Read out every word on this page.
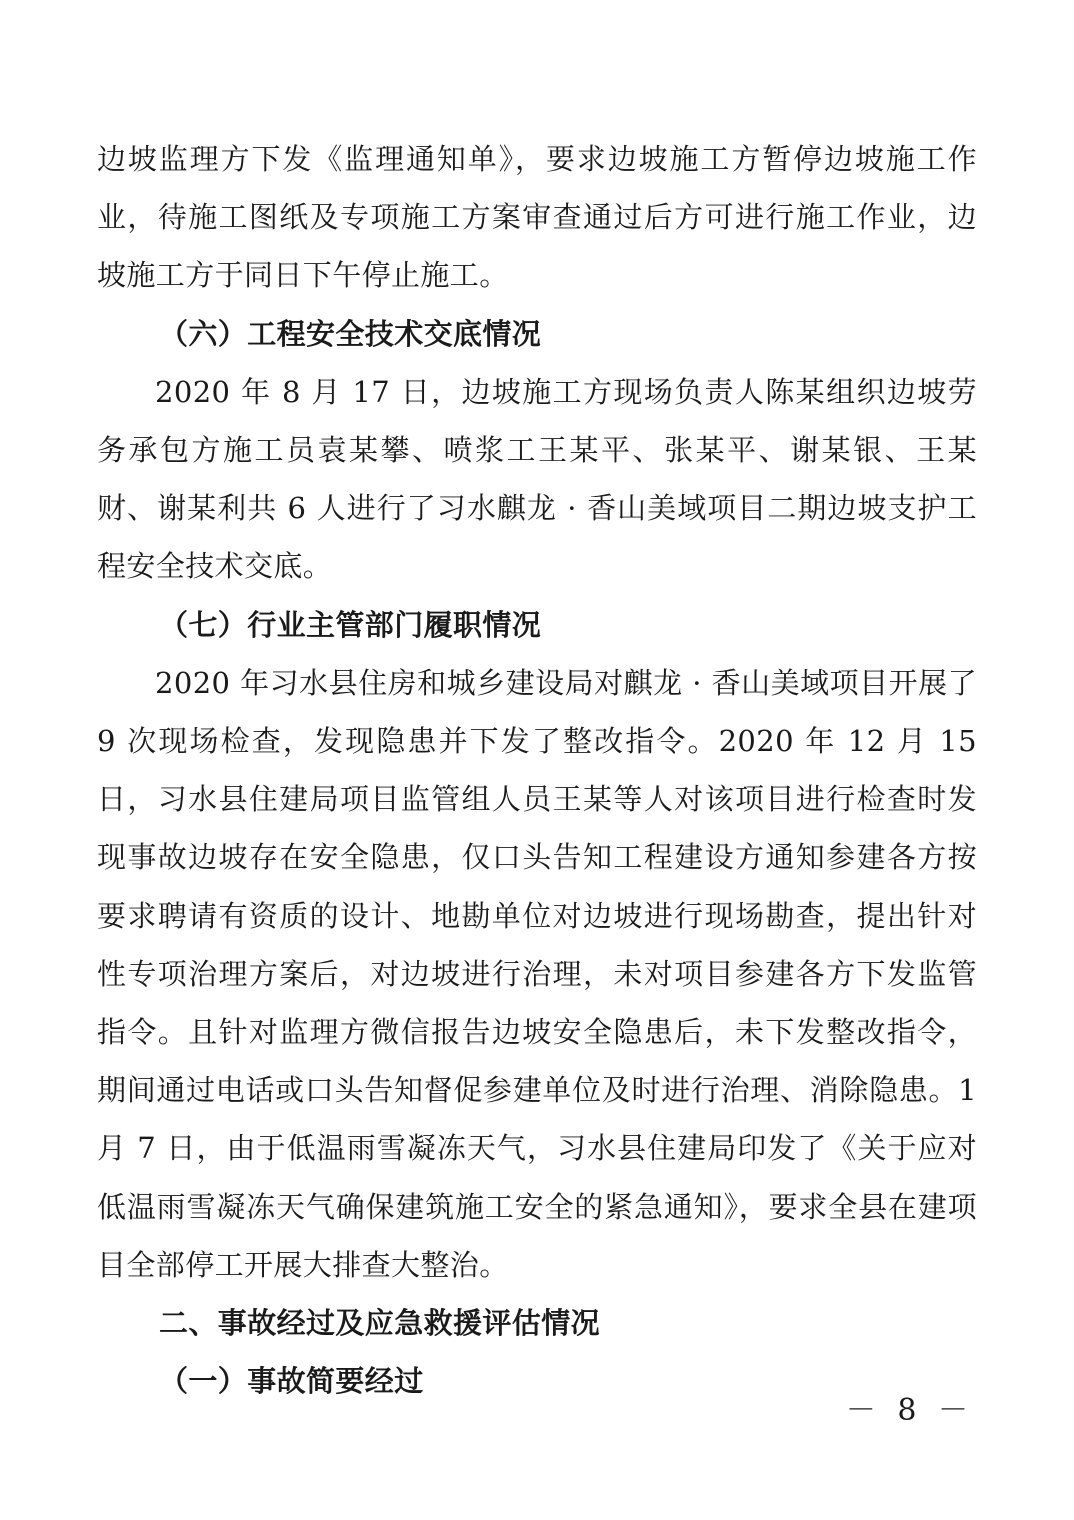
边坡监理方下发《监理通知单》，要求边坡施工方暂停边坡施工作业，待施工图纸及专项施工方案审查通过后方可进行施工作业，边坡施工方于同日下午停止施工。

（六）工程安全技术交底情况

2020 年 8 月 17 日，边坡施工方现场负责人陈某组织边坡劳务承包方施工员袁某攀、喷浆工王某平、张某平、谢某银、王某财、谢某利共 6 人进行了习水麒龙 · 香山美域项目二期边坡支护工程安全技术交底。

（七）行业主管部门履职情况

2020 年习水县住房和城乡建设局对麒龙 · 香山美域项目开展了 9 次现场检查，发现隐患并下发了整改指令。2020 年 12 月 15 日，习水县住建局项目监管组人员王某等人对该项目进行检查时发现事故边坡存在安全隐患，仅口头告知工程建设方通知参建各方按要求聘请有资质的设计、地勘单位对边坡进行现场勘查，提出针对性专项治理方案后，对边坡进行治理，未对项目参建各方下发监管指令。且针对监理方微信报告边坡安全隐患后，未下发整改指令，期间通过电话或口头告知督促参建单位及时进行治理、消除隐患。1 月 7 日，由于低温雨雪凝冻天气，习水县住建局印发了《关于应对低温雨雪凝冻天气确保建筑施工安全的紧急通知》，要求全县在建项目全部停工开展大排查大整治。

二、事故经过及应急救援评估情况

（一）事故简要经过

－ 8 －
